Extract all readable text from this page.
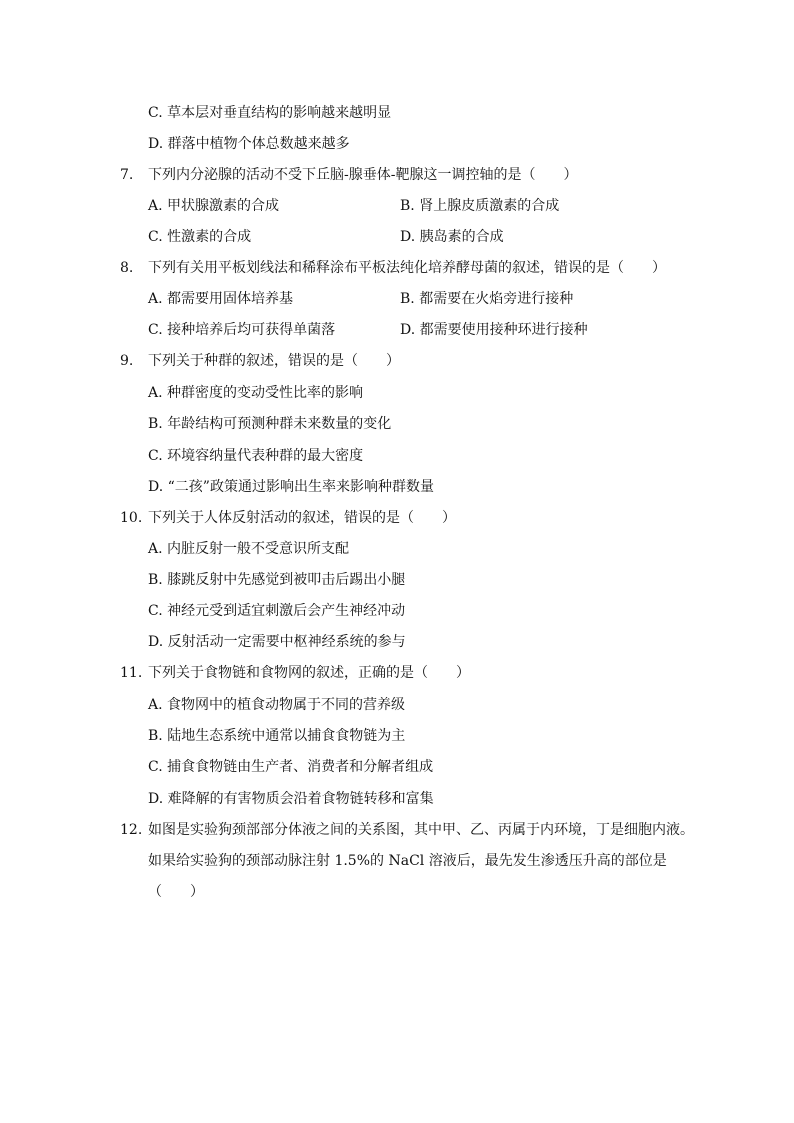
C. 草本层对垂直结构的影响越来越明显
D. 群落中植物个体总数越来越多
7. 下列内分泌腺的活动不受下丘脑-腺垂体-靶腺这一调控轴的是（　　）
A. 甲状腺激素的合成	B. 肾上腺皮质激素的合成
C. 性激素的合成	D. 胰岛素的合成
8. 下列有关用平板划线法和稀释涂布平板法纯化培养酵母菌的叙述，错误的是（　　）
A. 都需要用固体培养基	B. 都需要在火焰旁进行接种
C. 接种培养后均可获得单菌落	D. 都需要使用接种环进行接种
9. 下列关于种群的叙述，错误的是（　　）
A. 种群密度的变动受性比率的影响
B. 年龄结构可预测种群未来数量的变化
C. 环境容纳量代表种群的最大密度
D. “二孩”政策通过影响出生率来影响种群数量
10. 下列关于人体反射活动的叙述，错误的是（　　）
A. 内脏反射一般不受意识所支配
B. 膝跳反射中先感觉到被叩击后踢出小腿
C. 神经元受到适宜刺激后会产生神经冲动
D. 反射活动一定需要中枢神经系统的参与
11. 下列关于食物链和食物网的叙述，正确的是（　　）
A. 食物网中的植食动物属于不同的营养级
B. 陆地生态系统中通常以捕食食物链为主
C. 捕食食物链由生产者、消费者和分解者组成
D. 难降解的有害物质会沿着食物链转移和富集
12. 如图是实验狗颈部部分体液之间的关系图，其中甲、乙、丙属于内环境，丁是细胞内液。
如果给实验狗的颈部动脉注射 1.5%的 NaCl 溶液后，最先发生渗透压升高的部位是
（　　）
